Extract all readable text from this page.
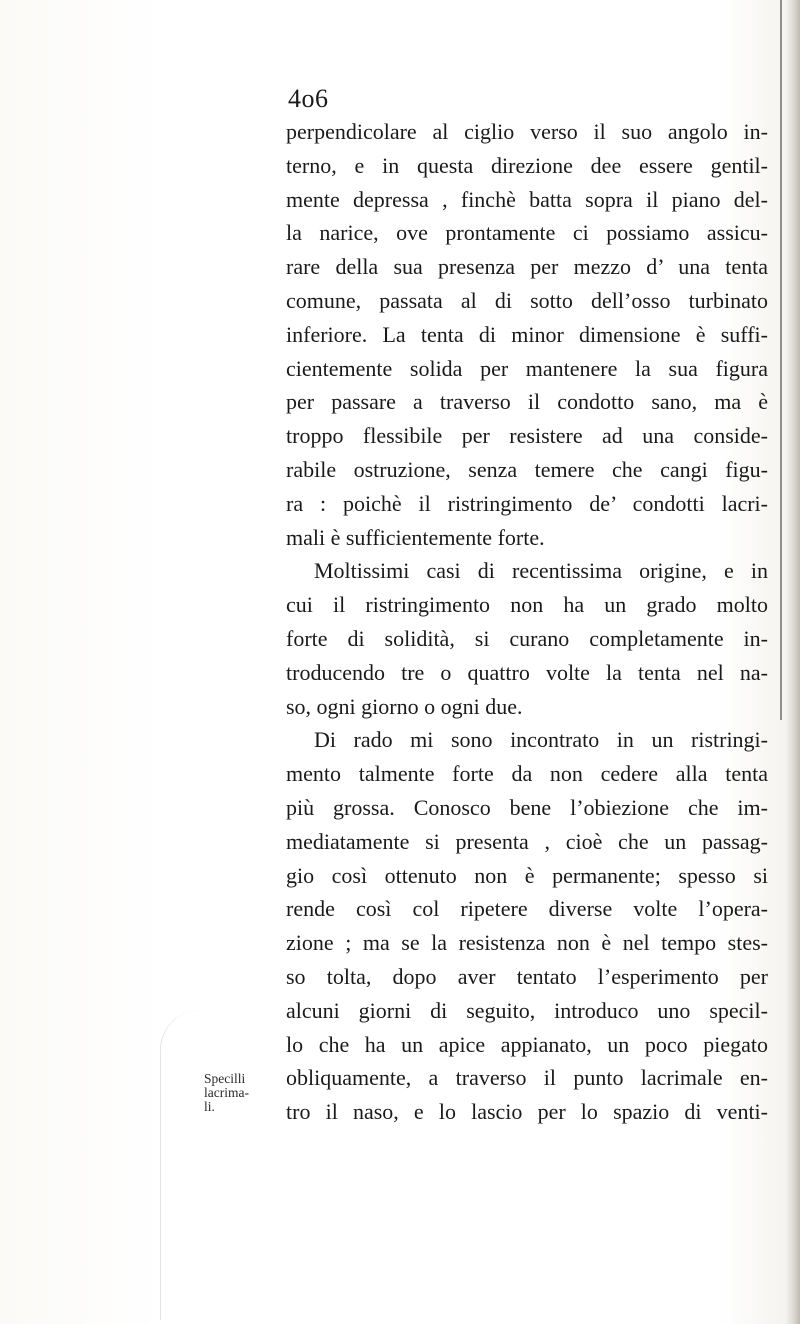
4o6
Specilli
lacrima-
li.
perpendicolare al ciglio verso il suo angolo in-
terno, e in questa direzione dee essere gentil-
mente depressa , finchè batta sopra il piano del-
la narice, ove prontamente ci possiamo assicu-
rare della sua presenza per mezzo d’ una tenta
comune, passata al di sotto dell’osso turbinato
inferiore. La tenta di minor dimensione è suffi-
cientemente solida per mantenere la sua figura
per passare a traverso il condotto sano, ma è
troppo flessibile per resistere ad una conside-
rabile ostruzione, senza temere che cangi figu-
ra : poichè il ristringimento de’ condotti lacri-
mali è sufficientemente forte.
Moltissimi casi di recentissima origine, e in
cui il ristringimento non ha un grado molto
forte di solidità, si curano completamente in-
troducendo tre o quattro volte la tenta nel na-
so, ogni giorno o ogni due.
Di rado mi sono incontrato in un ristringi-
mento talmente forte da non cedere alla tenta
più grossa. Conosco bene l’obiezione che im-
mediatamente si presenta , cioè che un passag-
gio così ottenuto non è permanente; spesso si
rende così col ripetere diverse volte l’opera-
zione ; ma se la resistenza non è nel tempo stes-
so tolta, dopo aver tentato l’esperimento per
alcuni giorni di seguito, introduco uno specil-
lo che ha un apice appianato, un poco piegato
obliquamente, a traverso il punto lacrimale en-
tro il naso, e lo lascio per lo spazio di venti-
